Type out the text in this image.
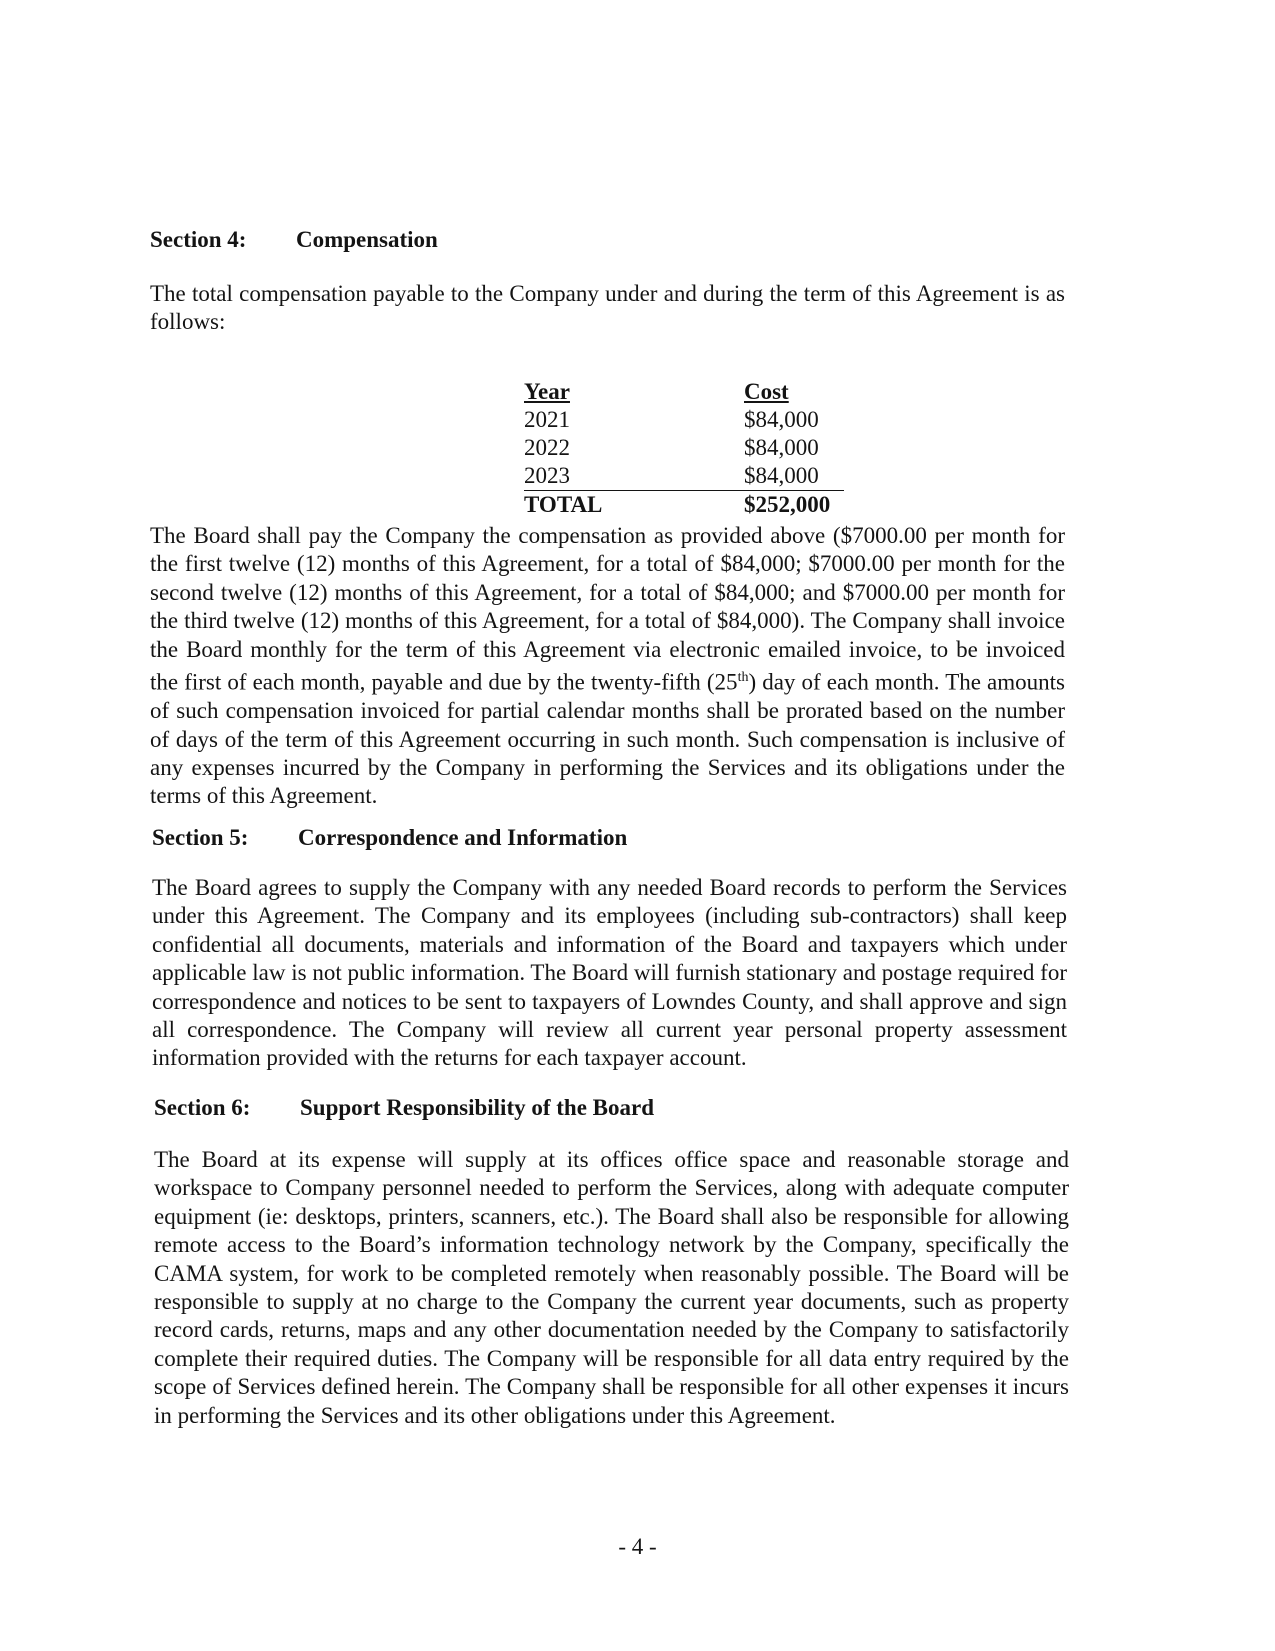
Section 4: Compensation

The total compensation payable to the Company under and during the term of this Agreement is as follows:

Year	Cost
2021	$84,000
2022	$84,000
2023	$84,000
TOTAL	$252,000

The Board shall pay the Company the compensation as provided above ($7000.00 per month for the first twelve (12) months of this Agreement, for a total of $84,000; $7000.00 per month for the second twelve (12) months of this Agreement, for a total of $84,000; and $7000.00 per month for the third twelve (12) months of this Agreement, for a total of $84,000). The Company shall invoice the Board monthly for the term of this Agreement via electronic emailed invoice, to be invoiced the first of each month, payable and due by the twenty-fifth (25th) day of each month. The amounts of such compensation invoiced for partial calendar months shall be prorated based on the number of days of the term of this Agreement occurring in such month. Such compensation is inclusive of any expenses incurred by the Company in performing the Services and its obligations under the terms of this Agreement.

Section 5: Correspondence and Information

The Board agrees to supply the Company with any needed Board records to perform the Services under this Agreement. The Company and its employees (including sub-contractors) shall keep confidential all documents, materials and information of the Board and taxpayers which under applicable law is not public information. The Board will furnish stationary and postage required for correspondence and notices to be sent to taxpayers of Lowndes County, and shall approve and sign all correspondence. The Company will review all current year personal property assessment information provided with the returns for each taxpayer account.

Section 6: Support Responsibility of the Board

The Board at its expense will supply at its offices office space and reasonable storage and workspace to Company personnel needed to perform the Services, along with adequate computer equipment (ie: desktops, printers, scanners, etc.). The Board shall also be responsible for allowing remote access to the Board’s information technology network by the Company, specifically the CAMA system, for work to be completed remotely when reasonably possible. The Board will be responsible to supply at no charge to the Company the current year documents, such as property record cards, returns, maps and any other documentation needed by the Company to satisfactorily complete their required duties. The Company will be responsible for all data entry required by the scope of Services defined herein. The Company shall be responsible for all other expenses it incurs in performing the Services and its other obligations under this Agreement.

- 4 -
